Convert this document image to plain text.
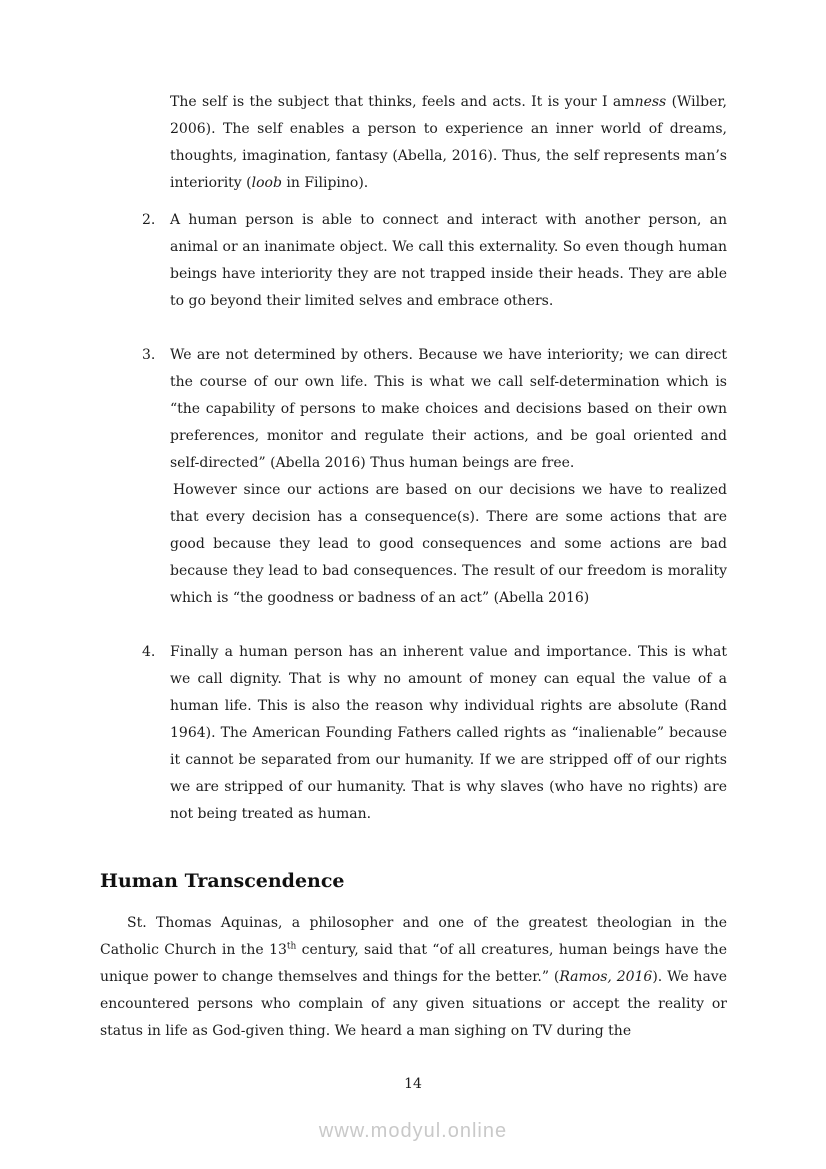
The self is the subject that thinks, feels and acts. It is your I amness (Wilber, 2006). The self enables a person to experience an inner world of dreams, thoughts, imagination, fantasy (Abella, 2016). Thus, the self represents man’s interiority (loob in Filipino).

2. A human person is able to connect and interact with another person, an animal or an inanimate object. We call this externality. So even though human beings have interiority they are not trapped inside their heads. They are able to go beyond their limited selves and embrace others.

3. We are not determined by others. Because we have interiority; we can direct the course of our own life. This is what we call self-determination which is “the capability of persons to make choices and decisions based on their own preferences, monitor and regulate their actions, and be goal oriented and self-directed” (Abella 2016) Thus human beings are free.

However since our actions are based on our decisions we have to realized that every decision has a consequence(s). There are some actions that are good because they lead to good consequences and some actions are bad because they lead to bad consequences. The result of our freedom is morality which is “the goodness or badness of an act” (Abella 2016)

4. Finally a human person has an inherent value and importance. This is what we call dignity. That is why no amount of money can equal the value of a human life. This is also the reason why individual rights are absolute (Rand 1964). The American Founding Fathers called rights as “inalienable” because it cannot be separated from our humanity. If we are stripped off of our rights we are stripped of our humanity. That is why slaves (who have no rights) are not being treated as human.

Human Transcendence

St. Thomas Aquinas, a philosopher and one of the greatest theologian in the Catholic Church in the 13th century, said that “of all creatures, human beings have the unique power to change themselves and things for the better.” (Ramos, 2016). We have encountered persons who complain of any given situations or accept the reality or status in life as God-given thing. We heard a man sighing on TV during the

14
www.modyul.online
